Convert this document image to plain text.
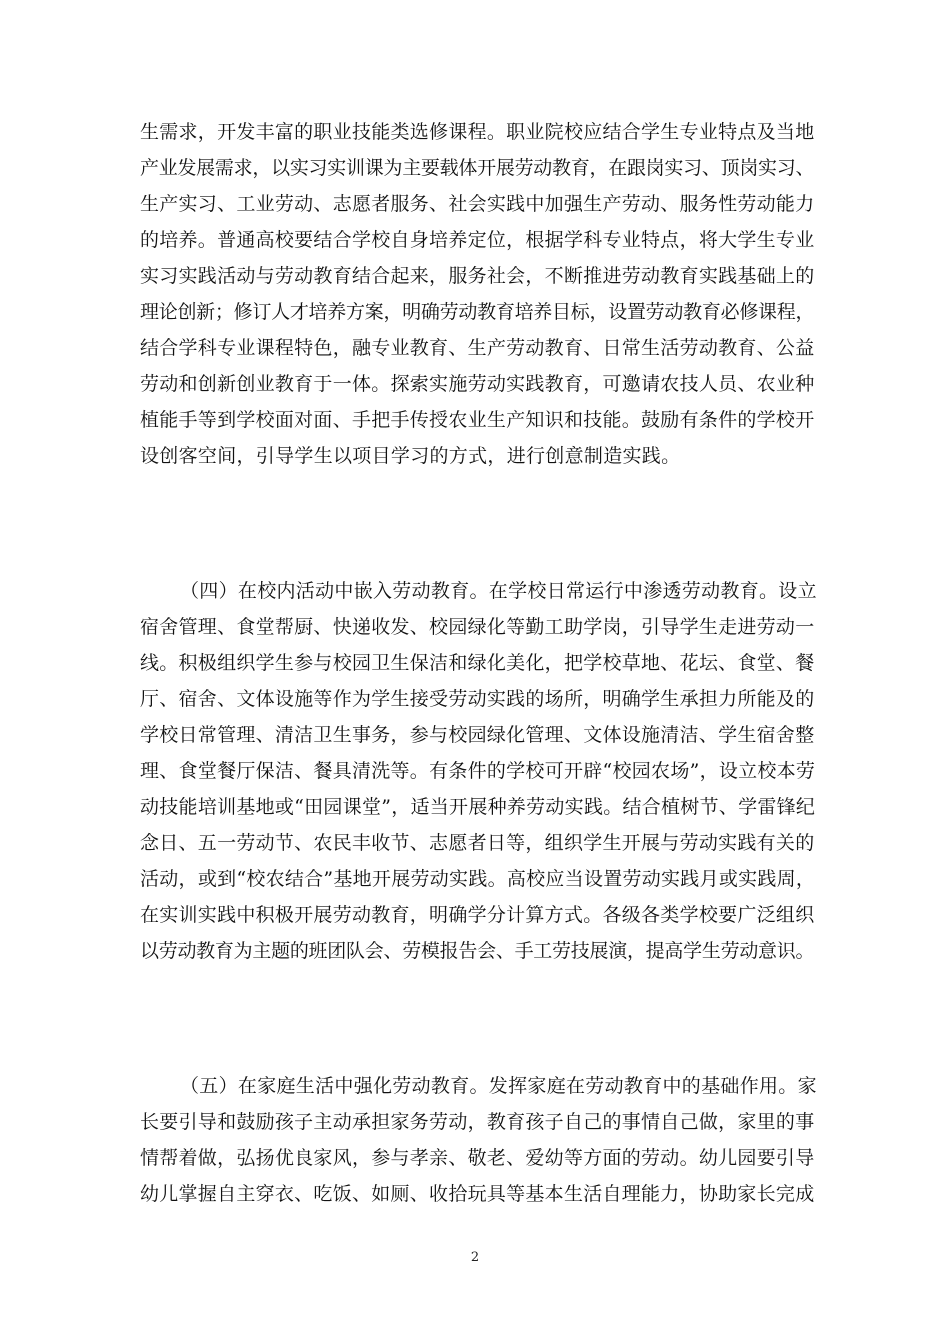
生需求，开发丰富的职业技能类选修课程。职业院校应结合学生专业特点及当地
产业发展需求，以实习实训课为主要载体开展劳动教育，在跟岗实习、顶岗实习、
生产实习、工业劳动、志愿者服务、社会实践中加强生产劳动、服务性劳动能力
的培养。普通高校要结合学校自身培养定位，根据学科专业特点，将大学生专业
实习实践活动与劳动教育结合起来，服务社会，不断推进劳动教育实践基础上的
理论创新；修订人才培养方案，明确劳动教育培养目标，设置劳动教育必修课程，
结合学科专业课程特色，融专业教育、生产劳动教育、日常生活劳动教育、公益
劳动和创新创业教育于一体。探索实施劳动实践教育，可邀请农技人员、农业种
植能手等到学校面对面、手把手传授农业生产知识和技能。鼓励有条件的学校开
设创客空间，引导学生以项目学习的方式，进行创意制造实践。
（四）在校内活动中嵌入劳动教育。在学校日常运行中渗透劳动教育。设立
宿舍管理、食堂帮厨、快递收发、校园绿化等勤工助学岗，引导学生走进劳动一
线。积极组织学生参与校园卫生保洁和绿化美化，把学校草地、花坛、食堂、餐
厅、宿舍、文体设施等作为学生接受劳动实践的场所，明确学生承担力所能及的
学校日常管理、清洁卫生事务，参与校园绿化管理、文体设施清洁、学生宿舍整
理、食堂餐厅保洁、餐具清洗等。有条件的学校可开辟“校园农场”，设立校本劳
动技能培训基地或“田园课堂”，适当开展种养劳动实践。结合植树节、学雷锋纪
念日、五一劳动节、农民丰收节、志愿者日等，组织学生开展与劳动实践有关的
活动，或到“校农结合”基地开展劳动实践。高校应当设置劳动实践月或实践周，
在实训实践中积极开展劳动教育，明确学分计算方式。各级各类学校要广泛组织
以劳动教育为主题的班团队会、劳模报告会、手工劳技展演，提高学生劳动意识。
（五）在家庭生活中强化劳动教育。发挥家庭在劳动教育中的基础作用。家
长要引导和鼓励孩子主动承担家务劳动，教育孩子自己的事情自己做，家里的事
情帮着做，弘扬优良家风，参与孝亲、敬老、爱幼等方面的劳动。幼儿园要引导
幼儿掌握自主穿衣、吃饭、如厕、收拾玩具等基本生活自理能力，协助家长完成
2
